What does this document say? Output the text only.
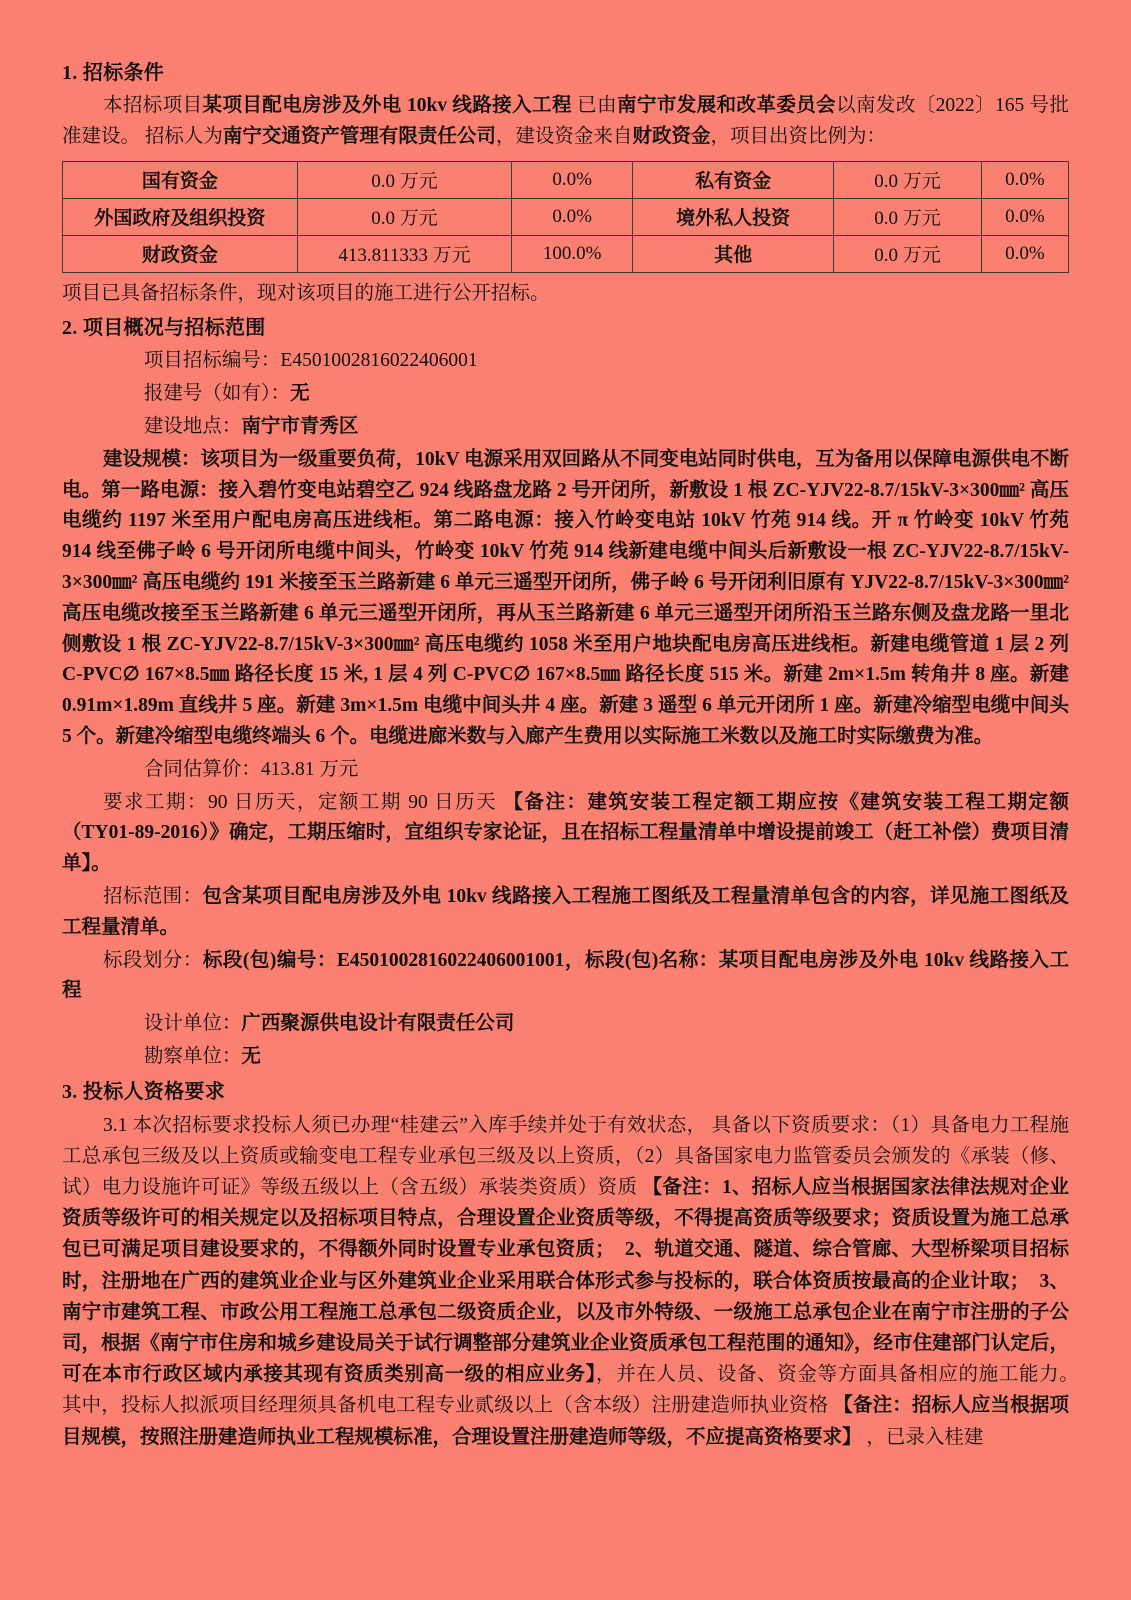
1. 招标条件

本招标项目某项目配电房涉及外电 10kv 线路接入工程 已由南宁市发展和改革委员会以南发改〔2022〕165 号批准建设。 招标人为南宁交通资产管理有限责任公司，建设资金来自财政资金，项目出资比例为：

国有资金	0.0 万元	0.0%	私有资金	0.0 万元	0.0%
外国政府及组织投资	0.0 万元	0.0%	境外私人投资	0.0 万元	0.0%
财政资金	413.811333 万元	100.0%	其他	0.0 万元	0.0%

项目已具备招标条件，现对该项目的施工进行公开招标。

2. 项目概况与招标范围

项目招标编号：E4501002816022406001

报建号（如有）：无

建设地点：南宁市青秀区

建设规模：该项目为一级重要负荷，10kV 电源采用双回路从不同变电站同时供电，互为备用以保障电源供电不断电。第一路电源：接入碧竹变电站碧空乙 924 线路盘龙路 2 号开闭所，新敷设 1 根 ZC-YJV22-8.7/15kV-3×300㎜² 高压电缆约 1197 米至用户配电房高压进线柜。第二路电源：接入竹岭变电站 10kV 竹苑 914 线。开 π 竹岭变 10kV 竹苑 914 线至佛子岭 6 号开闭所电缆中间头，竹岭变 10kV 竹苑 914 线新建电缆中间头后新敷设一根 ZC-YJV22-8.7/15kV-3×300㎜² 高压电缆约 191 米接至玉兰路新建 6 单元三遥型开闭所，佛子岭 6 号开闭利旧原有 YJV22-8.7/15kV-3×300㎜² 高压电缆改接至玉兰路新建 6 单元三遥型开闭所，再从玉兰路新建 6 单元三遥型开闭所沿玉兰路东侧及盘龙路一里北侧敷设 1 根 ZC-YJV22-8.7/15kV-3×300㎜² 高压电缆约 1058 米至用户地块配电房高压进线柜。新建电缆管道 1 层 2 列 C-PVC∅ 167×8.5㎜ 路径长度 15 米, 1 层 4 列 C-PVC∅ 167×8.5㎜ 路径长度 515 米。新建 2m×1.5m 转角井 8 座。新建 0.91m×1.89m 直线井 5 座。新建 3m×1.5m 电缆中间头井 4 座。新建 3 遥型 6 单元开闭所 1 座。新建冷缩型电缆中间头 5 个。新建冷缩型电缆终端头 6 个。电缆进廊米数与入廊产生费用以实际施工米数以及施工时实际缴费为准。

合同估算价：413.81 万元

要求工期：90 日历天，定额工期 90 日历天 【备注：建筑安装工程定额工期应按《建筑安装工程工期定额（TY01-89-2016）》确定，工期压缩时，宜组织专家论证，且在招标工程量清单中增设提前竣工（赶工补偿）费项目清单】。

招标范围：包含某项目配电房涉及外电 10kv 线路接入工程施工图纸及工程量清单包含的内容，详见施工图纸及工程量清单。

标段划分：标段(包)编号：E4501002816022406001001，标段(包)名称：某项目配电房涉及外电 10kv 线路接入工程

设计单位：广西聚源供电设计有限责任公司

勘察单位：无

3. 投标人资格要求

3.1 本次招标要求投标人须已办理“桂建云”入库手续并处于有效状态， 具备以下资质要求：（1）具备电力工程施工总承包三级及以上资质或输变电工程专业承包三级及以上资质，（2）具备国家电力监管委员会颁发的《承装（修、试）电力设施许可证》等级五级以上（含五级）承装类资质）资质 【备注：1、招标人应当根据国家法律法规对企业资质等级许可的相关规定以及招标项目特点，合理设置企业资质等级，不得提高资质等级要求；资质设置为施工总承包已可满足项目建设要求的，不得额外同时设置专业承包资质；　2、轨道交通、隧道、综合管廊、大型桥梁项目招标时，注册地在广西的建筑业企业与区外建筑业企业采用联合体形式参与投标的，联合体资质按最高的企业计取；　3、南宁市建筑工程、市政公用工程施工总承包二级资质企业，以及市外特级、一级施工总承包企业在南宁市注册的子公司，根据《南宁市住房和城乡建设局关于试行调整部分建筑业企业资质承包工程范围的通知》，经市住建部门认定后，可在本市行政区域内承接其现有资质类别高一级的相应业务】，并在人员、设备、资金等方面具备相应的施工能力。　其中，投标人拟派项目经理须具备机电工程专业贰级以上（含本级）注册建造师执业资格 【备注：招标人应当根据项目规模，按照注册建造师执业工程规模标准，合理设置注册建造师等级，不应提高资格要求】 ，已录入桂建
